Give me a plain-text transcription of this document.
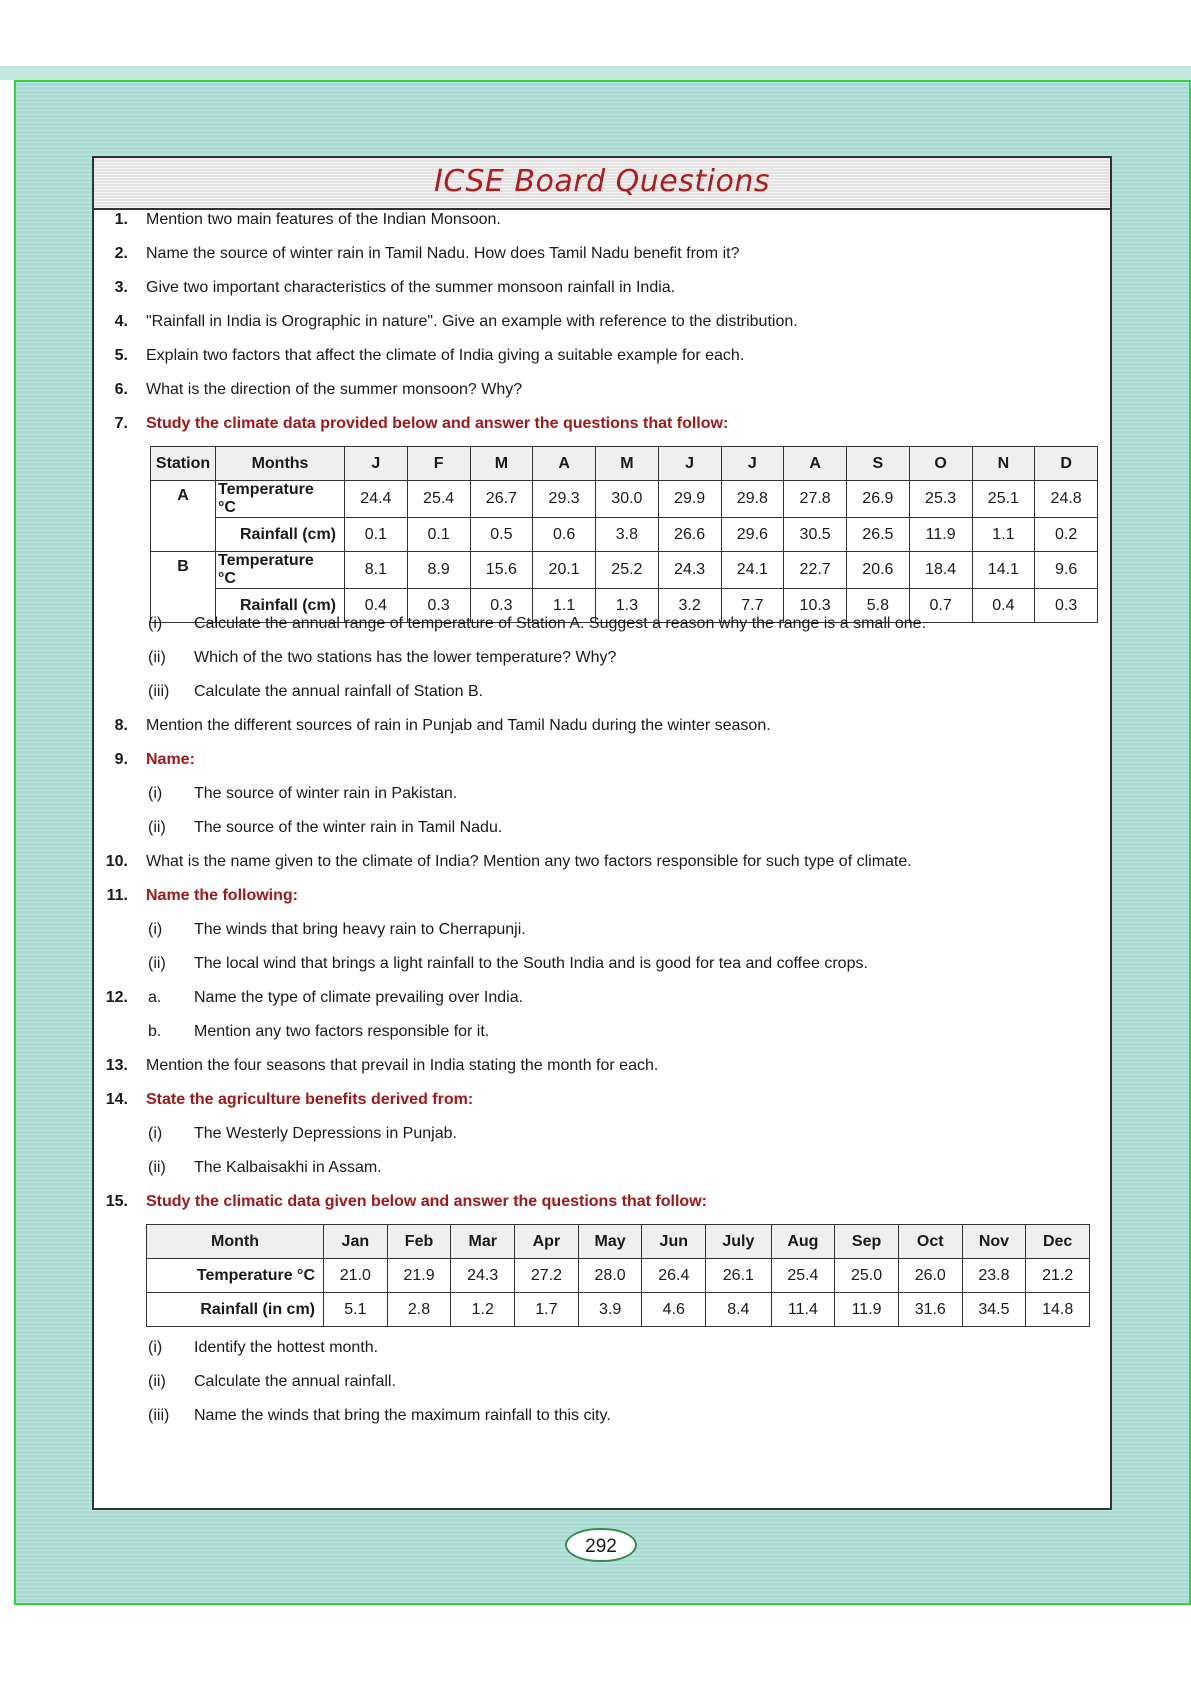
ICSE Board Questions
1. Mention two main features of the Indian Monsoon.
2. Name the source of winter rain in Tamil Nadu. How does Tamil Nadu benefit from it?
3. Give two important characteristics of the summer monsoon rainfall in India.
4. "Rainfall in India is Orographic in nature". Give an example with reference to the distribution.
5. Explain two factors that affect the climate of India giving a suitable example for each.
6. What is the direction of the summer monsoon? Why?
7. Study the climate data provided below and answer the questions that follow:
Station	Months	J	F	M	A	M	J	J	A	S	O	N	D
A	Temperature °C	24.4	25.4	26.7	29.3	30.0	29.9	29.8	27.8	26.9	25.3	25.1	24.8
	Rainfall (cm)	0.1	0.1	0.5	0.6	3.8	26.6	29.6	30.5	26.5	11.9	1.1	0.2
B	Temperature °C	8.1	8.9	15.6	20.1	25.2	24.3	24.1	22.7	20.6	18.4	14.1	9.6
	Rainfall (cm)	0.4	0.3	0.3	1.1	1.3	3.2	7.7	10.3	5.8	0.7	0.4	0.3
(i) Calculate the annual range of temperature of Station A. Suggest a reason why the range is a small one.
(ii) Which of the two stations has the lower temperature? Why?
(iii) Calculate the annual rainfall of Station B.
8. Mention the different sources of rain in Punjab and Tamil Nadu during the winter season.
9. Name:
(i) The source of winter rain in Pakistan.
(ii) The source of the winter rain in Tamil Nadu.
10. What is the name given to the climate of India? Mention any two factors responsible for such type of climate.
11. Name the following:
(i) The winds that bring heavy rain to Cherrapunji.
(ii) The local wind that brings a light rainfall to the South India and is good for tea and coffee crops.
12. a. Name the type of climate prevailing over India.
b. Mention any two factors responsible for it.
13. Mention the four seasons that prevail in India stating the month for each.
14. State the agriculture benefits derived from:
(i) The Westerly Depressions in Punjab.
(ii) The Kalbaisakhi in Assam.
15. Study the climatic data given below and answer the questions that follow:
Month	Jan	Feb	Mar	Apr	May	Jun	July	Aug	Sep	Oct	Nov	Dec
Temperature °C	21.0	21.9	24.3	27.2	28.0	26.4	26.1	25.4	25.0	26.0	23.8	21.2
Rainfall (in cm)	5.1	2.8	1.2	1.7	3.9	4.6	8.4	11.4	11.9	31.6	34.5	14.8
(i) Identify the hottest month.
(ii) Calculate the annual rainfall.
(iii) Name the winds that bring the maximum rainfall to this city.
292
